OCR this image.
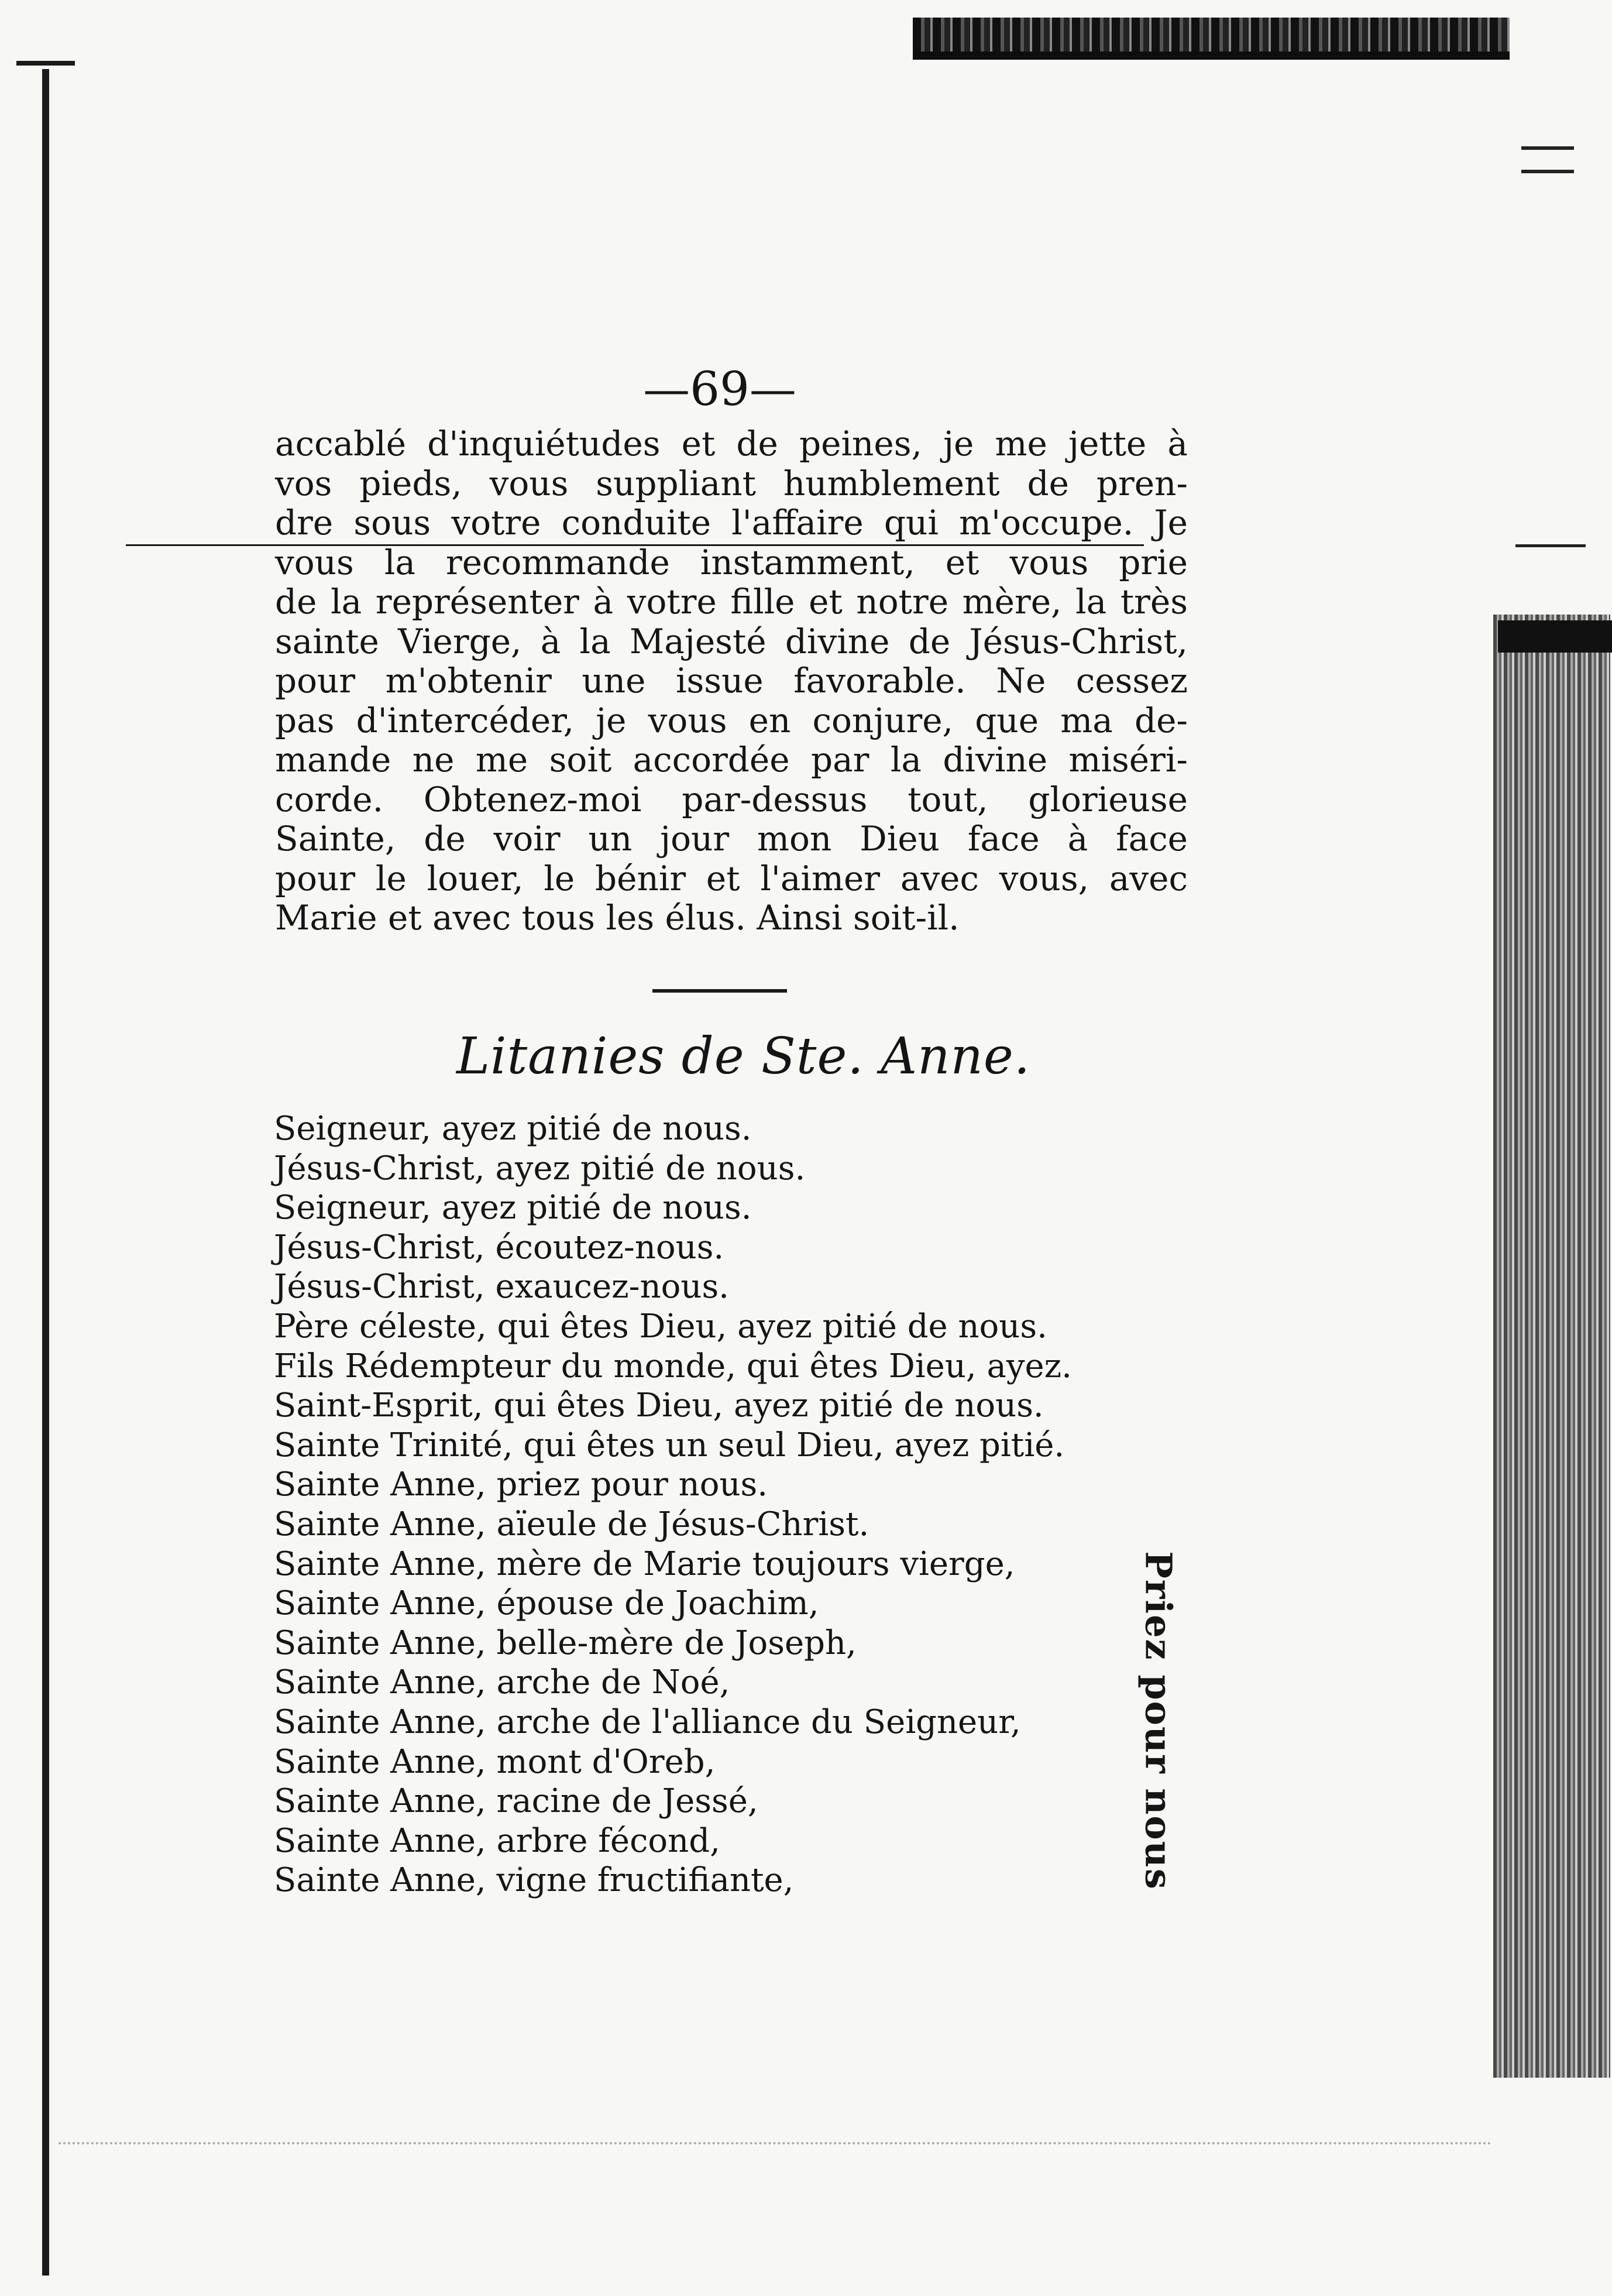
—69—
accablé d'inquiétudes et de peines, je me jette à
vos pieds, vous suppliant humblement de pren-
dre sous votre conduite l'affaire qui m'occupe. Je
vous la recommande instamment, et vous prie
de la représenter à votre fille et notre mère, la très
sainte Vierge, à la Majesté divine de Jésus-Christ,
pour m'obtenir une issue favorable. Ne cessez
pas d'intercéder, je vous en conjure, que ma de-
mande ne me soit accordée par la divine miséri-
corde. Obtenez-moi par-dessus tout, glorieuse
Sainte, de voir un jour mon Dieu face à face
pour le louer, le bénir et l'aimer avec vous, avec
Marie et avec tous les élus. Ainsi soit-il.
Litanies de Ste. Anne.
Seigneur, ayez pitié de nous.
Jésus-Christ, ayez pitié de nous.
Seigneur, ayez pitié de nous.
Jésus-Christ, écoutez-nous.
Jésus-Christ, exaucez-nous.
Père céleste, qui êtes Dieu, ayez pitié de nous.
Fils Rédempteur du monde, qui êtes Dieu, ayez.
Saint-Esprit, qui êtes Dieu, ayez pitié de nous.
Sainte Trinité, qui êtes un seul Dieu, ayez pitié.
Sainte Anne, priez pour nous.
Sainte Anne, aïeule de Jésus-Christ.
Sainte Anne, mère de Marie toujours vierge,
Sainte Anne, épouse de Joachim,
Sainte Anne, belle-mère de Joseph,
Sainte Anne, arche de Noé,
Sainte Anne, arche de l'alliance du Seigneur,
Sainte Anne, mont d'Oreb,
Sainte Anne, racine de Jessé,
Sainte Anne, arbre fécond,
Sainte Anne, vigne fructifiante,	Priez pour nous
